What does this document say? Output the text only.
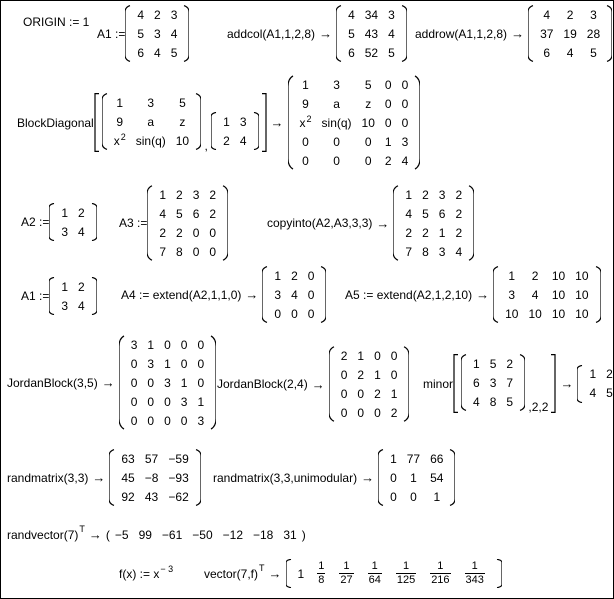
ORIGIN := 1
A1 :=
4	2	3
5	3	4
6	4	5
addcol(A1,1,2,8) →
4	34	3
5	43	4
6	52	5
addrow(A1,1,2,8) →
4	2	3
37	19	28
6	4	5
BlockDiagonal
1	3	5
9	a	z
$x^2$	sin(q)	10 ,
1	3
2	4
→
1	3	5	0	0
9	a	z	0	0
$x^2$	sin(q)	10	0	0
0	0	0	1	3
0	0	0	2	4
A2 :=
1	2
3	4
A3 :=
1	2	3	2
4	5	6	2
2	2	0	0
7	8	0	0
copyinto(A2,A3,3,3) →
1	2	3	2
4	5	6	2
2	2	1	2
7	8	3	4
A1 :=
1	2
3	4
A4 := extend(A2,1,1,0) →
1	2	0
3	4	0
0	0	0
A5 := extend(A2,1,2,10) →
1	2	10	10
3	4	10	10
10	10	10	10
JordanBlock(3,5) →
3	1	0	0	0
0	3	1	0	0
0	0	3	1	0
0	0	0	3	1
0	0	0	0	3
JordanBlock(2,4) →
2	1	0	0
0	2	1	0
0	0	2	1
0	0	0	2
minor
1	5	2
6	3	7
4	8	5 ,2,2
→
1	2
4	5
randmatrix(3,3) →
63	57	−59
45	−8	−93
92	43	−62
randmatrix(3,3,unimodular) →
1	77	66
0	1	54
0	0	1
randvector(7) T → ( −5 99 −61 −50 −12 −18 31 )
f(x) := x − 3	vector(7,f) $T \to 1 \frac{1}{8} \frac{1}{27} \frac{1}{64} \frac{1}{125} \frac{1}{216} \frac{1}{343}$
